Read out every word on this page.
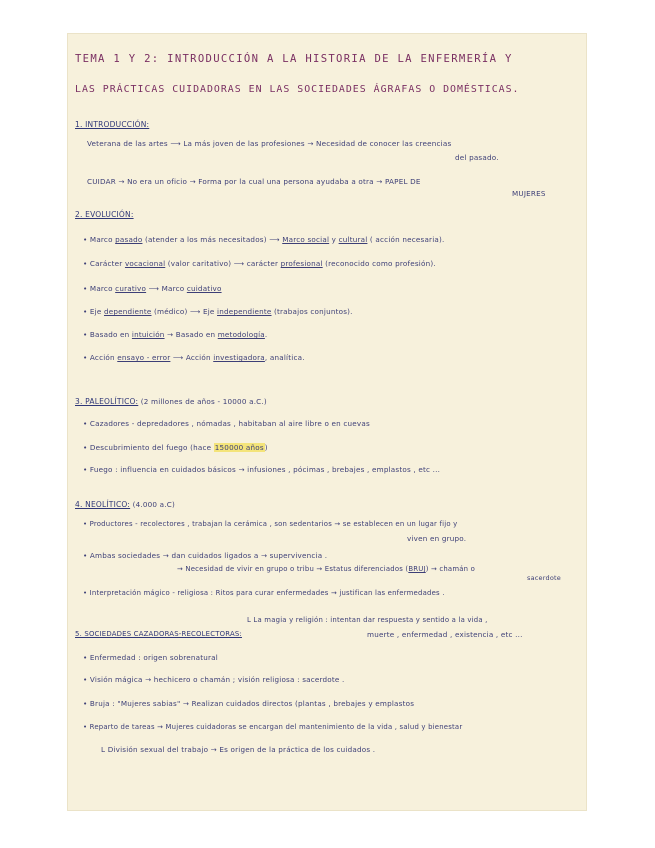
TEMA 1 Y 2: INTRODUCCIÓN A LA HISTORIA DE LA ENFERMERÍA Y
LAS PRÁCTICAS CUIDADORAS EN LAS SOCIEDADES ÁGRAFAS O DOMÉSTICAS.
1. INTRODUCCIÓN:
Veterana de las artes ⟶ La más joven de las profesiones → Necesidad de conocer las creencias
del pasado.
CUIDAR → No era un oficio → Forma por la cual una persona ayudaba a otra → PAPEL DE
MUJERES
2. EVOLUCIÓN:
• Marco pasado (atender a los más necesitados) ⟶ Marco social y cultural ( acción necesaria).
• Carácter vocacional (valor caritativo) ⟶ carácter profesional (reconocido como profesión).
• Marco curativo ⟶ Marco cuidativo
• Eje dependiente (médico) ⟶ Eje independiente (trabajos conjuntos).
• Basado en intuición → Basado en metodología.
• Acción ensayo - error ⟶ Acción investigadora, analítica.
3. PALEOLÍTICO: (2 millones de años - 10000 a.C.)
• Cazadores - depredadores , nómadas , habitaban al aire libre o en cuevas
• Descubrimiento del fuego (hace 150000 años)
• Fuego : influencia en cuidados básicos → infusiones , pócimas , brebajes , emplastos , etc ...
4. NEOLÍTICO: (4.000 a.C)
• Productores - recolectores , trabajan la cerámica , son sedentarios → se establecen en un lugar fijo y
viven en grupo.
• Ambas sociedades → dan cuidados ligados a → supervivencia .
→ Necesidad de vivir en grupo o tribu → Estatus diferenciados (BRUJ) → chamán o
sacerdote
• Interpretación mágico - religiosa : Ritos para curar enfermedades → justifican las enfermedades .
L La magia y religión : intentan dar respuesta y sentido a la vida ,
muerte , enfermedad , existencia , etc ...
5. SOCIEDADES CAZADORAS-RECOLECTORAS:
• Enfermedad : origen sobrenatural
• Visión mágica → hechicero o chamán ; visión religiosa : sacerdote .
• Bruja : "Mujeres sabias" → Realizan cuidados directos (plantas , brebajes y emplastos
• Reparto de tareas → Mujeres cuidadoras se encargan del mantenimiento de la vida , salud y bienestar
L División sexual del trabajo → Es origen de la práctica de los cuidados .
